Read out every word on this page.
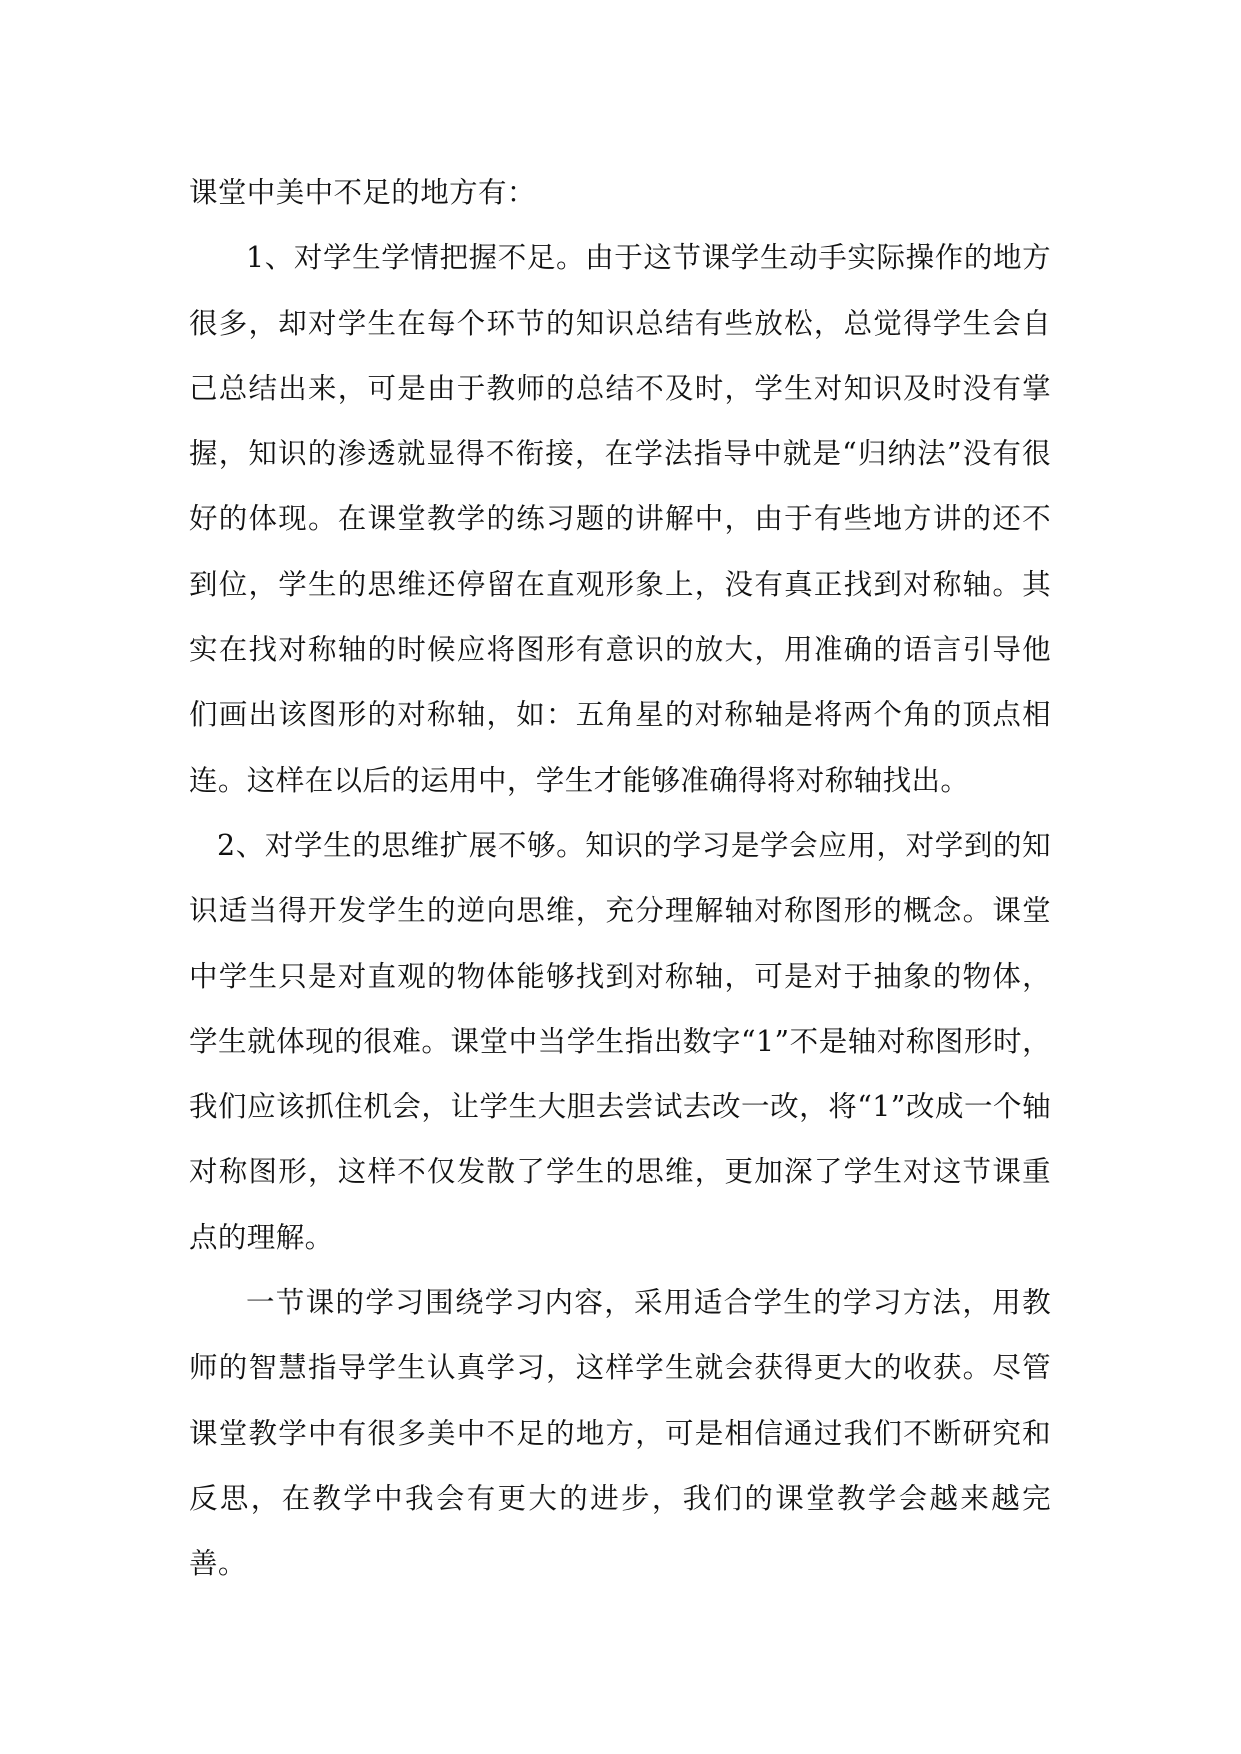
课堂中美中不足的地方有：

1、对学生学情把握不足。由于这节课学生动手实际操作的地方很多，却对学生在每个环节的知识总结有些放松，总觉得学生会自己总结出来，可是由于教师的总结不及时，学生对知识及时没有掌握，知识的渗透就显得不衔接，在学法指导中就是“归纳法”没有很好的体现。在课堂教学的练习题的讲解中，由于有些地方讲的还不到位，学生的思维还停留在直观形象上，没有真正找到对称轴。其实在找对称轴的时候应将图形有意识的放大，用准确的语言引导他们画出该图形的对称轴，如：五角星的对称轴是将两个角的顶点相连。这样在以后的运用中，学生才能够准确得将对称轴找出。

2、对学生的思维扩展不够。知识的学习是学会应用，对学到的知识适当得开发学生的逆向思维，充分理解轴对称图形的概念。课堂中学生只是对直观的物体能够找到对称轴，可是对于抽象的物体，学生就体现的很难。课堂中当学生指出数字“1”不是轴对称图形时，我们应该抓住机会，让学生大胆去尝试去改一改，将“1”改成一个轴对称图形，这样不仅发散了学生的思维，更加深了学生对这节课重点的理解。

一节课的学习围绕学习内容，采用适合学生的学习方法，用教师的智慧指导学生认真学习，这样学生就会获得更大的收获。尽管课堂教学中有很多美中不足的地方，可是相信通过我们不断研究和反思，在教学中我会有更大的进步，我们的课堂教学会越来越完善。
